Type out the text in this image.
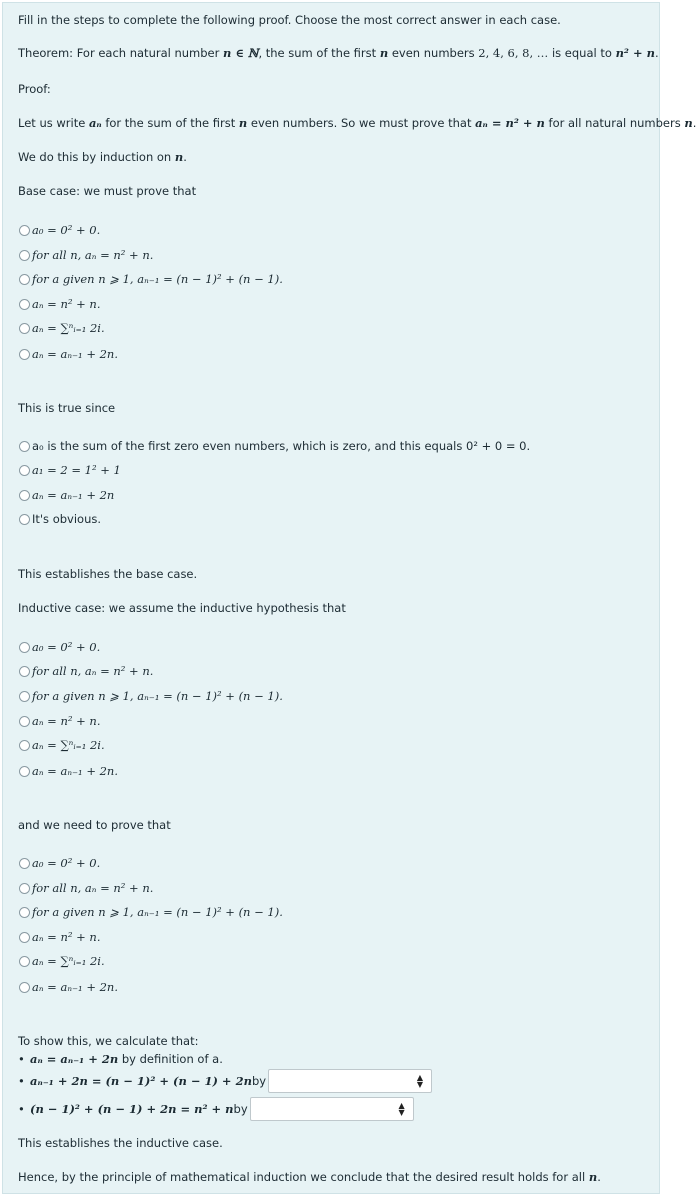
Fill in the steps to complete the following proof. Choose the most correct answer in each case.
Theorem: For each natural number n ∈ ℕ, the sum of the first n even numbers 2, 4, 6, 8, … is equal to n² + n.
Proof:
Let us write aₙ for the sum of the first n even numbers. So we must prove that aₙ = n² + n for all natural numbers n
We do this by induction on n.
Base case: we must prove that
a₀ = 0² + 0.
for all n, aₙ = n² + n.
for a given n ⩾ 1, aₙ₋₁ = (n − 1)² + (n − 1).
aₙ = n² + n.
aₙ = ∑ⁿᵢ₌₁ 2i.
aₙ = aₙ₋₁ + 2n.
This is true since
a₀ is the sum of the first zero even numbers, which is zero, and this equals 0² + 0 = 0.
a₁ = 2 = 1² + 1
aₙ = aₙ₋₁ + 2n
It's obvious.
This establishes the base case.
Inductive case: we assume the inductive hypothesis that
a₀ = 0² + 0.
for all n, aₙ = n² + n.
for a given n ⩾ 1, aₙ₋₁ = (n − 1)² + (n − 1).
aₙ = n² + n.
aₙ = ∑ⁿᵢ₌₁ 2i.
aₙ = aₙ₋₁ + 2n.
and we need to prove that
a₀ = 0² + 0.
for all n, aₙ = n² + n.
for a given n ⩾ 1, aₙ₋₁ = (n − 1)² + (n − 1).
aₙ = n² + n.
aₙ = ∑ⁿᵢ₌₁ 2i.
aₙ = aₙ₋₁ + 2n.
To show this, we calculate that:
• aₙ = aₙ₋₁ + 2n by definition of a.
• aₙ₋₁ + 2n = (n − 1)² + (n − 1) + 2n by	▲
▼
• (n − 1)² + (n − 1) + 2n = n² + n by	▲
▼
This establishes the inductive case.
Hence, by the principle of mathematical induction we conclude that the desired result holds for all n.
